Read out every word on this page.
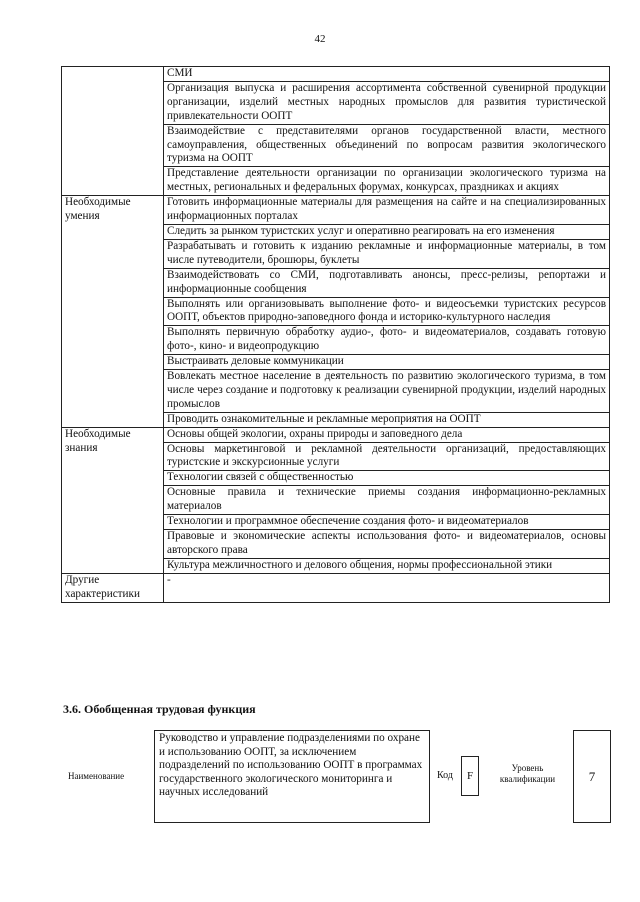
42
	СМИ
	Организация выпуска и расширения ассортимента собственной сувенирной продукции организации, изделий местных народных промыслов для развития туристической привлекательности ООПТ
	Взаимодействие с представителями органов государственной власти, местного самоуправления, общественных объединений по вопросам развития экологического туризма на ООПТ
	Представление деятельности организации по организации экологического туризма на местных, региональных и федеральных форумах, конкурсах, праздниках и акциях
Необходимые умения	Готовить информационные материалы для размещения на сайте и на специализированных информационных порталах
	Следить за рынком туристских услуг и оперативно реагировать на его изменения
	Разрабатывать и готовить к изданию рекламные и информационные материалы, в том числе путеводители, брошюры, буклеты
	Взаимодействовать со СМИ, подготавливать анонсы, пресс-релизы, репортажи и информационные сообщения
	Выполнять или организовывать выполнение фото- и видеосъемки туристских ресурсов ООПТ, объектов природно-заповедного фонда и историко-культурного наследия
	Выполнять первичную обработку аудио-, фото- и видеоматериалов, создавать готовую фото-, кино- и видеопродукцию
	Выстраивать деловые коммуникации
	Вовлекать местное население в деятельность по развитию экологического туризма, в том числе через создание и подготовку к реализации сувенирной продукции, изделий народных промыслов
	Проводить ознакомительные и рекламные мероприятия на ООПТ
Необходимые знания	Основы общей экологии, охраны природы и заповедного дела
	Основы маркетинговой и рекламной деятельности организаций, предоставляющих туристские и экскурсионные услуги
	Технологии связей с общественностью
	Основные правила и технические приемы создания информационно-рекламных материалов
	Технологии и программное обеспечение создания фото- и видеоматериалов
	Правовые и экономические аспекты использования фото- и видеоматериалов, основы авторского права
	Культура межличностного и делового общения, нормы профессиональной этики
Другие характеристики	-
3.6. Обобщенная трудовая функция
Наименование
Руководство и управление подразделениями по охране и использованию ООПТ, за исключением подразделений по использованию ООПТ в программах государственного экологического мониторинга и научных исследований
Код	F
Уровень квалификации	7
